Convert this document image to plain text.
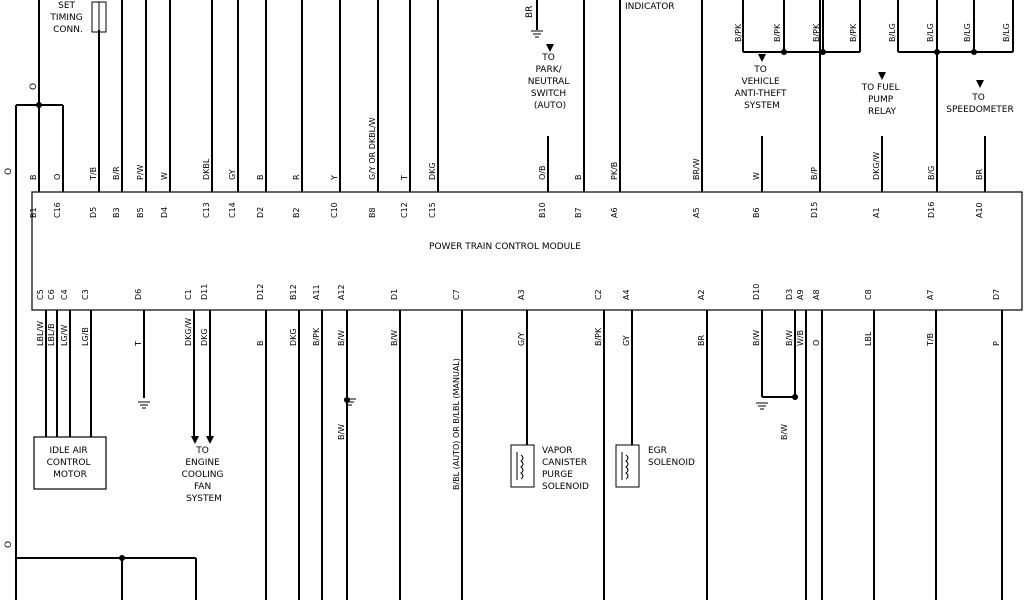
POWER TRAIN CONTROL MODULE
O
O
SET TIMING CONN.
INDICATOR
TO PARK/ NEUTRAL SWITCH (AUTO)
BR
TO VEHICLE ANTI-THEFT SYSTEM
B/PK	B/PK	B/PK	B/PK
TO FUEL PUMP RELAY
B/LG	B/LG	B/LG	B/LG
TO SPEEDOMETER
B
B1
O
C16
T/B
D5
B/R
B3
P/W
B5
W
D4
DKBL
C13
GY
C14
B
D2
R
B2
Y
C10
G/Y OR DKBL/W
B8
T
C12
DKG
C15
O/B
B10
B
B7
PK/B
A6
BR/W
A5
W
B6
B/P
D15
DKG/W
A1
B/G
D16
BR
A10
C5
LBL/W
C6
LBL/B
C4
LG/W
C3
LG/B
D6
T
C1
DKG/W
D11
DKG
D12
B
B12
DKG
A11
B/PK
A12
B/W
D1
B/W
C7
B/BL (AUTO) OR B/LBL (MANUAL)
A3
G/Y
C2
B/PK
A4
GY
A2
BR
D10
B/W
D3
B/W
A9
W/B
A8
O
C8
LBL
A7
T/B
D7
P
IDLE AIR CONTROL MOTOR
TO ENGINE COOLING FAN SYSTEM
B/W
VAPOR CANISTER PURGE SOLENOID
EGR SOLENOID
B/W
O
